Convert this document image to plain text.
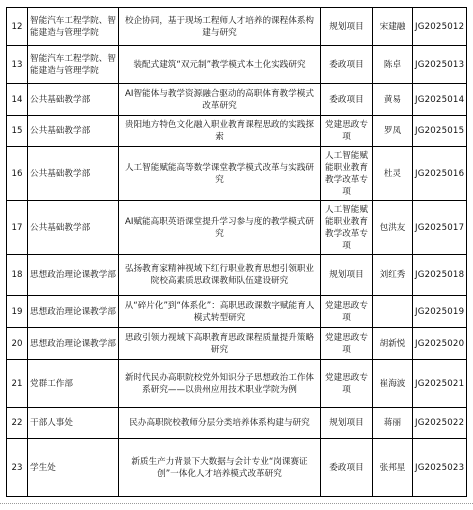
12	智能汽车工程学院、智能建造与管理学院	校企协同，基于现场工程师人才培养的课程体系构建与研究	规划项目	宋建融	JG2025012
13	智能汽车工程学院、智能建造与管理学院	装配式建筑“双元制”教学模式本土化实践研究	委政项目	陈卓	JG2025013
14	公共基础教学部	AI智能体与教学资源融合驱动的高职体育教学模式改革研究	委政项目	黄易	JG2025014
15	公共基础教学部	贵阳地方特色文化融入职业教育课程思政的实践探索	党建思政专项	罗凤	JG2025015
16	公共基础教学部	人工智能赋能高等数学课堂教学模式改革与实践研究	人工智能赋能职业教育教学改革专项	杜灵	JG2025016
17	公共基础教学部	AI赋能高职英语课堂提升学习参与度的教学模式研究	人工智能赋能职业教育教学改革专项	包洪友	JG2025017
18	思想政治理论课教学部	弘扬教育家精神视域下红行职业教育思想引领职业院校高素质思政课教师队伍建设研究	规划项目	刘红秀	JG2025018
19	思想政治理论课教学部	从“碎片化”到“体系化”：高职思政课数字赋能育人模式转型研究	党建思政专项		JG2025019
20	思想政治理论课教学部	思政引领力视域下高职教育思政课程质量提升策略研究	党建思政专项	胡新悦	JG2025020
21	党群工作部	新时代民办高职院校党外知识分子思想政治工作体系研究——以贵州应用技术职业学院为例	党建思政专项	崔海波	JG2025021
22	干部人事处	民办高职院校教师分层分类培养体系构建与研究	规划项目	蒋丽	JG2025022
23	学生处	新质生产力背景下大数据与会计专业“岗课赛证创”一体化人才培养模式改革研究	委政项目	张邦星	JG2025023
